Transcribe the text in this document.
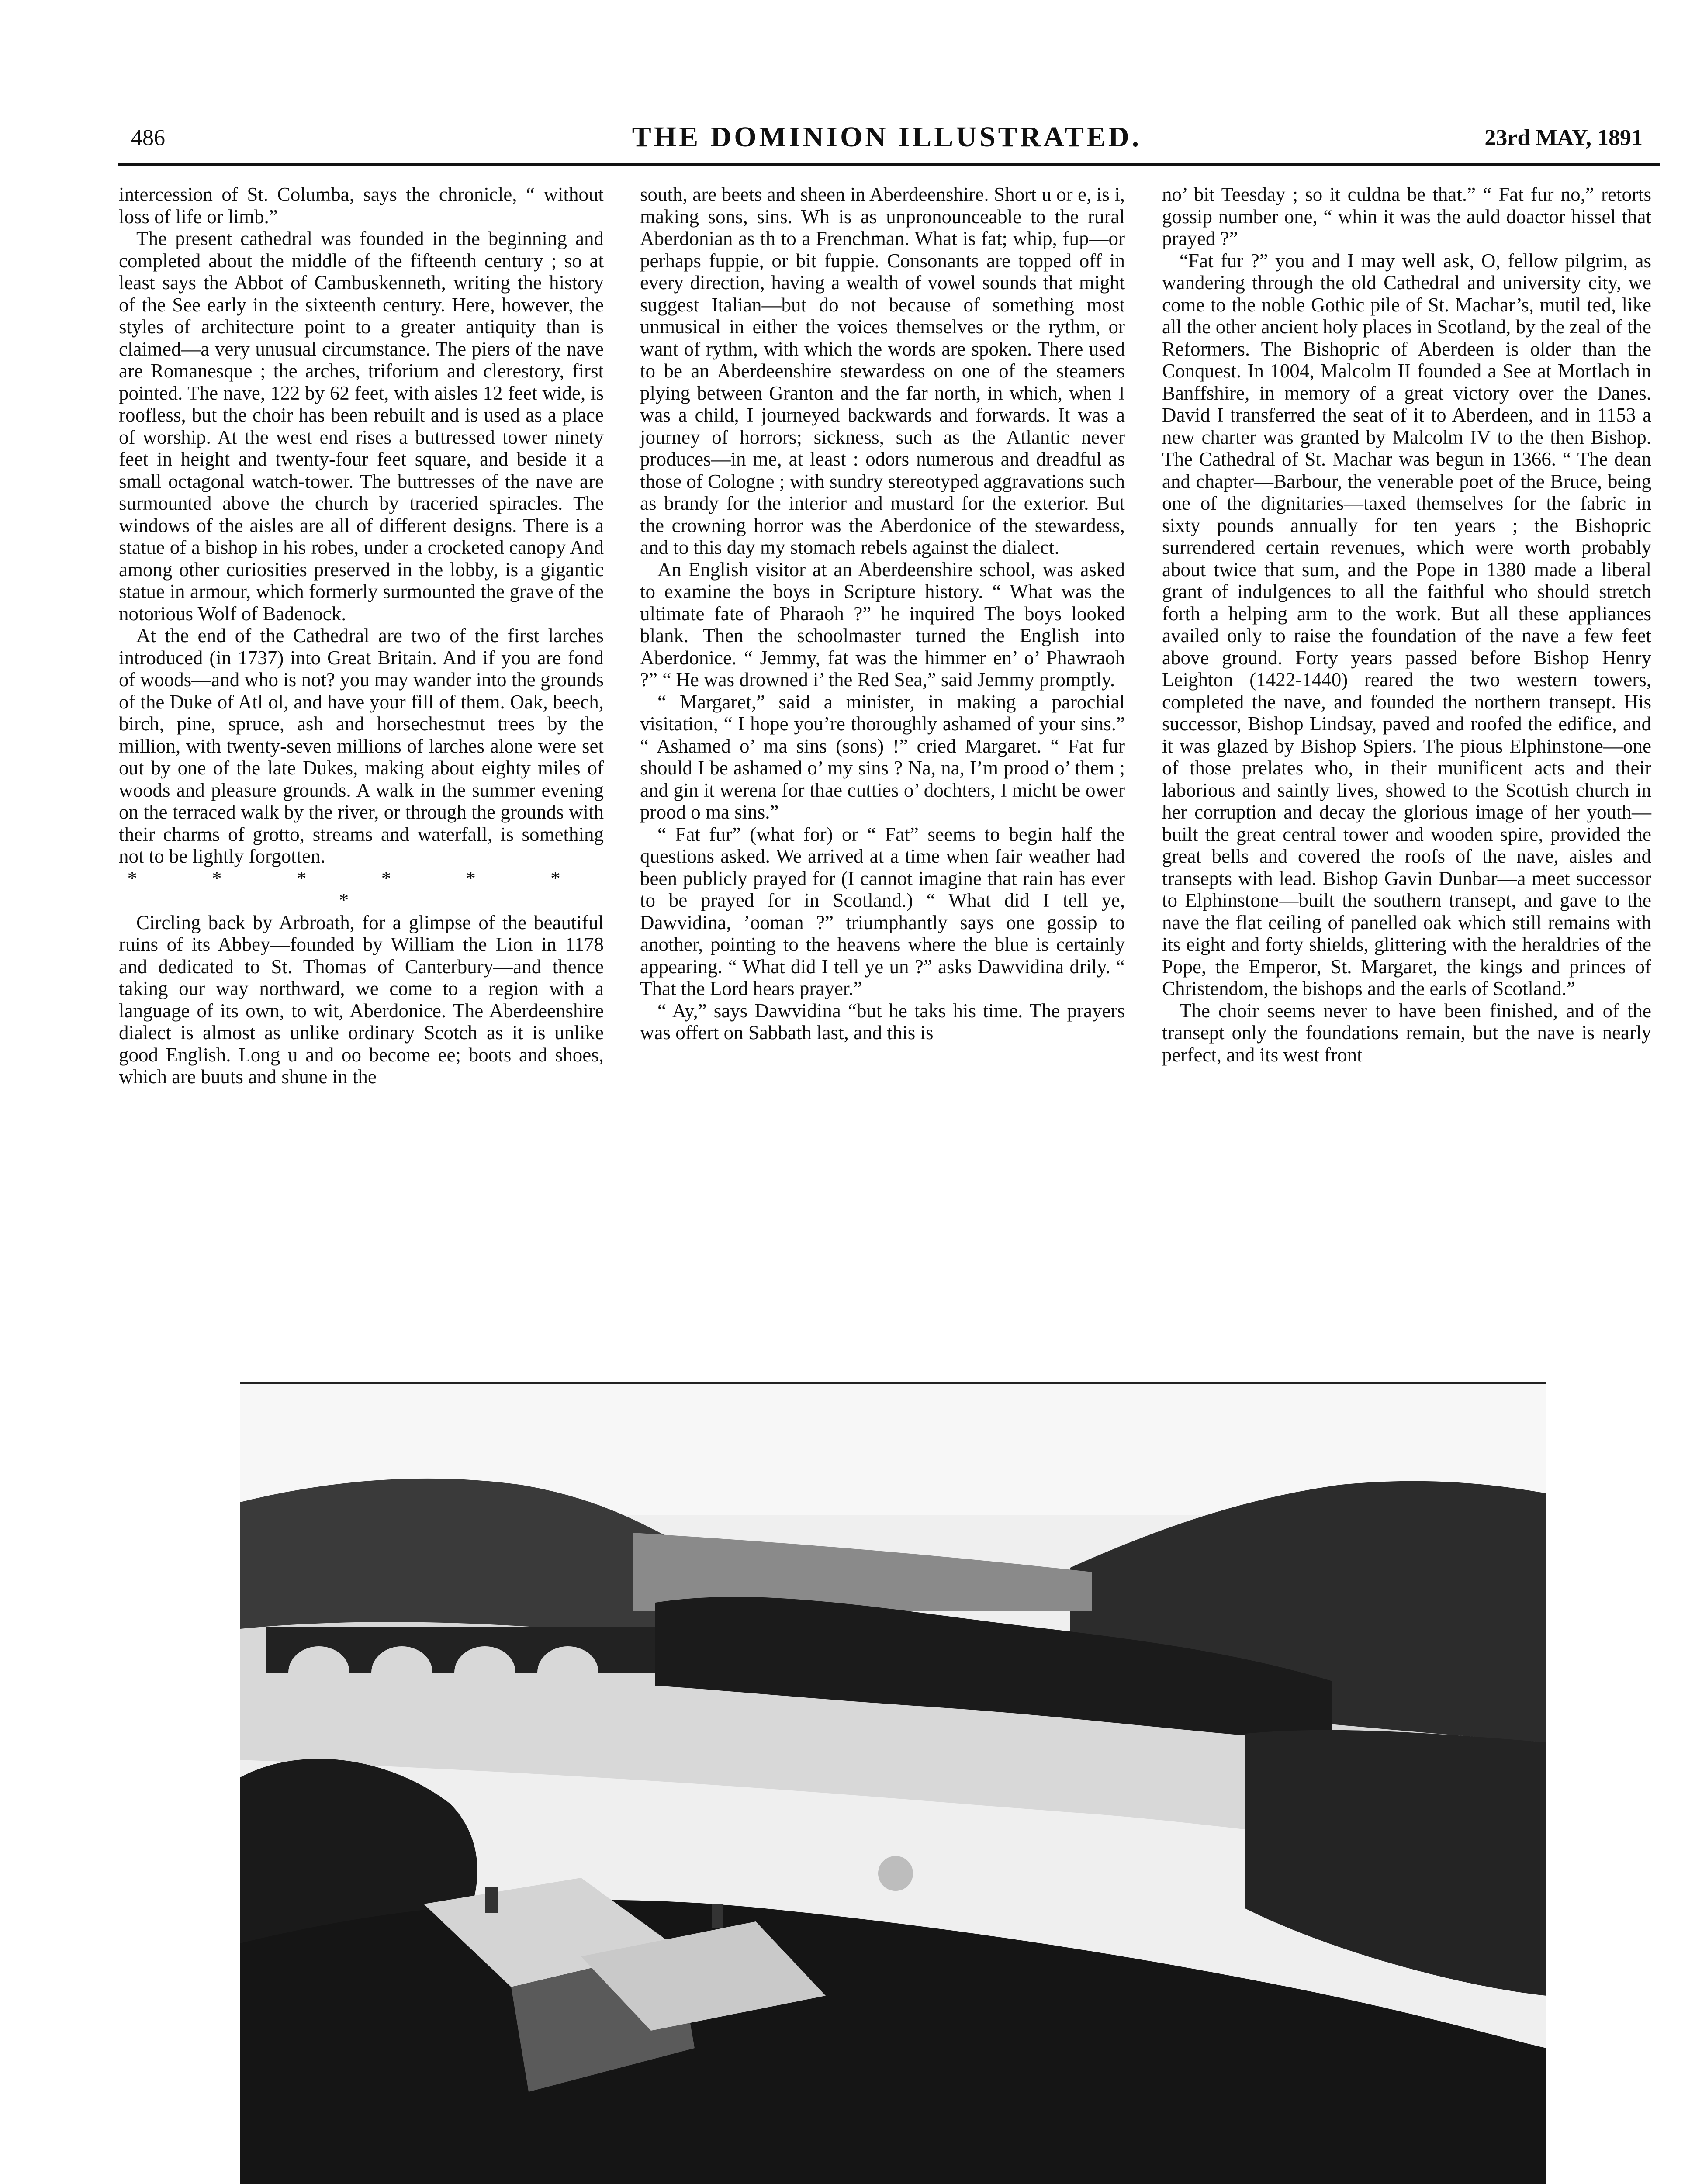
486	THE DOMINION ILLUSTRATED.	23rd MAY, 1891

intercession of St. Columba, says the chronicle, “ without loss of life or limb.”

The present cathedral was founded in the beginning and completed about the middle of the fifteenth century ; so at least says the Abbot of Cambuskenneth, writing the history of the See early in the sixteenth century. Here, however, the styles of architecture point to a greater antiquity than is claimed—a very unusual circumstance. The piers of the nave are Romanesque ; the arches, triforium and clerestory, first pointed. The nave, 122 by 62 feet, with aisles 12 feet wide, is roofless, but the choir has been rebuilt and is used as a place of worship. At the west end rises a buttressed tower ninety feet in height and twenty-four feet square, and beside it a small octagonal watch-tower. The buttresses of the nave are surmounted above the church by traceried spiracles. The windows of the aisles are all of different designs. There is a statue of a bishop in his robes, under a crocketed canopy And among other curiosities preserved in the lobby, is a gigantic statue in armour, which formerly surmounted the grave of the notorious Wolf of Badenock.

At the end of the Cathedral are two of the first larches introduced (in 1737) into Great Britain. And if you are fond of woods—and who is not? you may wander into the grounds of the Duke of Atl ol, and have your fill of them. Oak, beech, birch, pine, spruce, ash and horsechestnut trees by the million, with twenty-seven millions of larches alone were set out by one of the late Dukes, making about eighty miles of woods and pleasure grounds. A walk in the summer evening on the terraced walk by the river, or through the grounds with their charms of grotto, streams and waterfall, is something not to be lightly forgotten.

* * * * * * *

Circling back by Arbroath, for a glimpse of the beautiful ruins of its Abbey—founded by William the Lion in 1178 and dedicated to St. Thomas of Canterbury—and thence taking our way northward, we come to a region with a language of its own, to wit, Aberdonice. The Aberdeenshire dialect is almost as unlike ordinary Scotch as it is unlike good English. Long u and oo become ee; boots and shoes, which are buuts and shune in the

south, are beets and sheen in Aberdeenshire. Short u or e, is i, making sons, sins. Wh is as unpronounceable to the rural Aberdonian as th to a Frenchman. What is fat; whip, fup—or perhaps fuppie, or bit fuppie. Consonants are topped off in every direction, having a wealth of vowel sounds that might suggest Italian—but do not because of something most unmusical in either the voices themselves or the rythm, or want of rythm, with which the words are spoken. There used to be an Aberdeenshire stewardess on one of the steamers plying between Granton and the far north, in which, when I was a child, I journeyed backwards and forwards. It was a journey of horrors; sickness, such as the Atlantic never produces—in me, at least : odors numerous and dreadful as those of Cologne ; with sundry stereotyped aggravations such as brandy for the interior and mustard for the exterior. But the crowning horror was the Aberdonice of the stewardess, and to this day my stomach rebels against the dialect.

An English visitor at an Aberdeenshire school, was asked to examine the boys in Scripture history. “ What was the ultimate fate of Pharaoh ?” he inquired The boys looked blank. Then the schoolmaster turned the English into Aberdonice. “ Jemmy, fat was the himmer en’ o’ Phawraoh ?” “ He was drowned i’ the Red Sea,” said Jemmy promptly.

“ Margaret,” said a minister, in making a parochial visitation, “ I hope you’re thoroughly ashamed of your sins.” “ Ashamed o’ ma sins (sons) !” cried Margaret. “ Fat fur should I be ashamed o’ my sins ? Na, na, I’m prood o’ them ; and gin it werena for thae cutties o’ dochters, I micht be ower prood o ma sins.”

“ Fat fur” (what for) or “ Fat” seems to begin half the questions asked. We arrived at a time when fair weather had been publicly prayed for (I cannot imagine that rain has ever to be prayed for in Scotland.) “ What did I tell ye, Dawvidina, ’ooman ?” triumphantly says one gossip to another, pointing to the heavens where the blue is certainly appearing. “ What did I tell ye un ?” asks Dawvidina drily. “ That the Lord hears prayer.”

“ Ay,” says Dawvidina “but he taks his time. The prayers was offert on Sabbath last, and this is

no’ bit Teesday ; so it culdna be that.” “ Fat fur no,” retorts gossip number one, “ whin it was the auld doactor hissel that prayed ?”

“Fat fur ?” you and I may well ask, O, fellow pilgrim, as wandering through the old Cathedral and university city, we come to the noble Gothic pile of St. Machar’s, mutil ted, like all the other ancient holy places in Scotland, by the zeal of the Reformers. The Bishopric of Aberdeen is older than the Conquest. In 1004, Malcolm II founded a See at Mortlach in Banffshire, in memory of a great victory over the Danes. David I transferred the seat of it to Aberdeen, and in 1153 a new charter was granted by Malcolm IV to the then Bishop. The Cathedral of St. Machar was begun in 1366. “ The dean and chapter—Barbour, the venerable poet of the Bruce, being one of the dignitaries—taxed themselves for the fabric in sixty pounds annually for ten years ; the Bishopric surrendered certain revenues, which were worth probably about twice that sum, and the Pope in 1380 made a liberal grant of indulgences to all the faithful who should stretch forth a helping arm to the work. But all these appliances availed only to raise the foundation of the nave a few feet above ground. Forty years passed before Bishop Henry Leighton (1422-1440) reared the two western towers, completed the nave, and founded the northern transept. His successor, Bishop Lindsay, paved and roofed the edifice, and it was glazed by Bishop Spiers. The pious Elphinstone—one of those prelates who, in their munificent acts and their laborious and saintly lives, showed to the Scottish church in her corruption and decay the glorious image of her youth—built the great central tower and wooden spire, provided the great bells and covered the roofs of the nave, aisles and transepts with lead. Bishop Gavin Dunbar—a meet successor to Elphinstone—built the southern transept, and gave to the nave the flat ceiling of panelled oak which still remains with its eight and forty shields, glittering with the heraldries of the Pope, the Emperor, St. Margaret, the kings and princes of Christendom, the bishops and the earls of Scotland.”

The choir seems never to have been finished, and of the transept only the foundations remain, but the nave is nearly perfect, and its west front
